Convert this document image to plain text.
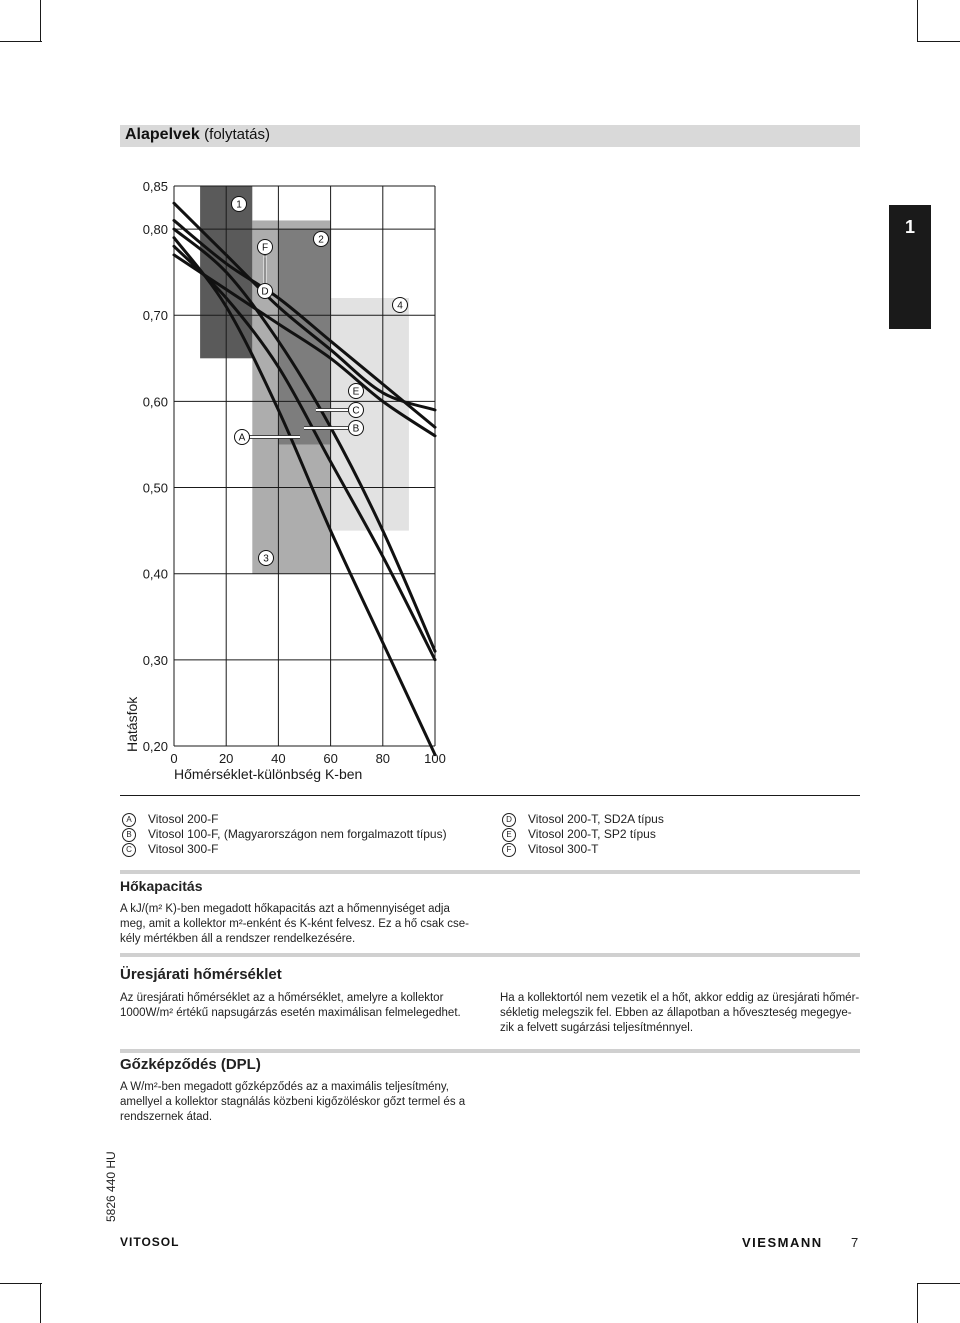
Alapelvek (folytatás)
1
0,85
0,80
0,70
0,60
0,50
0,40
0,30
0,20
0	20	40	60	80	100
1
2
3
4
A
B
C
D
E
F
Hatásfok
Hőmérséklet-különbség K-ben
A Vitosol 200-F
B Vitosol 100-F, (Magyarországon nem forgalmazott típus)
C Vitosol 300-F
D Vitosol 200-T, SD2A típus
E Vitosol 200-T, SP2 típus
F Vitosol 300-T
Hőkapacitás
A kJ/(m² K)-ben megadott hőkapacitás azt a hőmennyiséget adja
meg, amit a kollektor m²-enként és K-ként felvesz. Ez a hő csak cse-
kély mértékben áll a rendszer rendelkezésére.
Üresjárati hőmérséklet
Az üresjárati hőmérséklet az a hőmérséklet, amelyre a kollektor
1000W/m² értékű napsugárzás esetén maximálisan felmelegedhet.
Ha a kollektortól nem vezetik el a hőt, akkor eddig az üresjárati hőmér-
sékletig melegszik fel. Ebben az állapotban a hőveszteség megegye-
zik a felvett sugárzási teljesítménnyel.
Gőzképződés (DPL)
A W/m²-ben megadott gőzképződés az a maximális teljesítmény,
amellyel a kollektor stagnálás közbeni kigőzöléskor gőzt termel és a
rendszernek átad.
5826 440 HU
VITOSOL	VIESMANN 7
